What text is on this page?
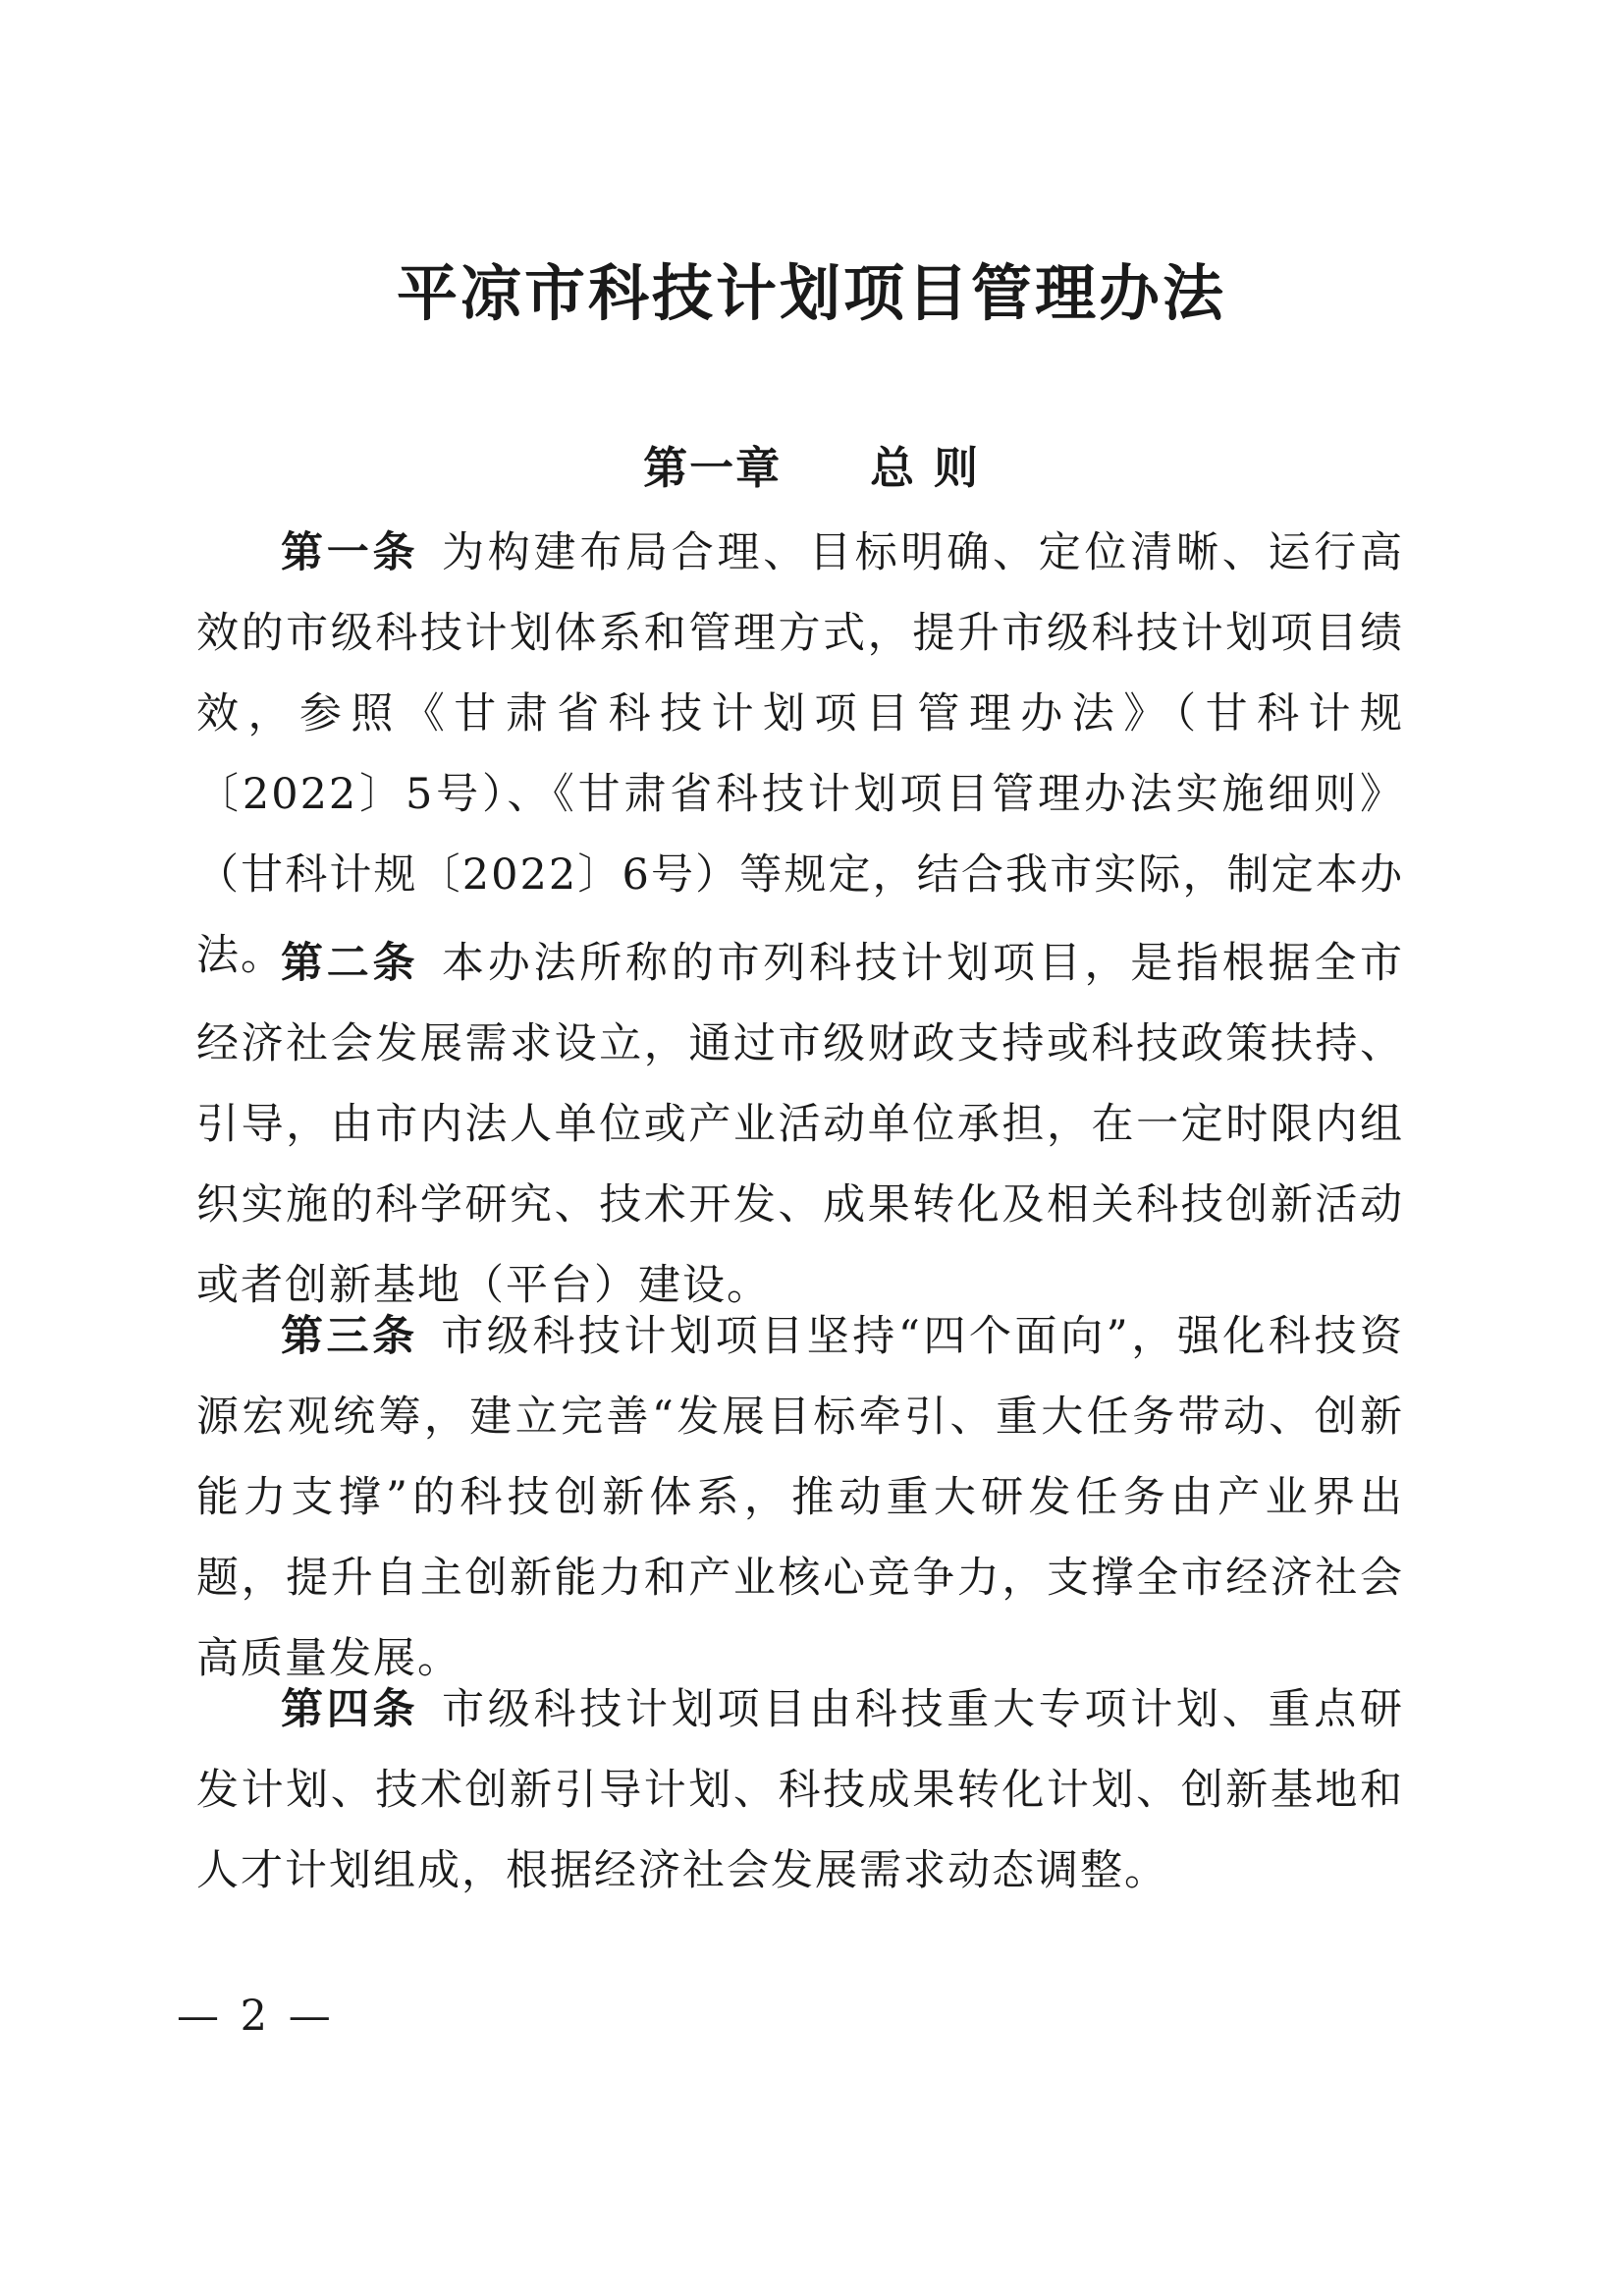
平凉市科技计划项目管理办法
第一章 总 则

第一条 为构建布局合理、目标明确、定位清晰、运行高效的市级科技计划体系和管理方式，提升市级科技计划项目绩效，参照《甘肃省科技计划项目管理办法》（甘科计规〔2022〕5号）、《甘肃省科技计划项目管理办法实施细则》（甘科计规〔2022〕6号）等规定，结合我市实际，制定本办法。

第二条 本办法所称的市列科技计划项目，是指根据全市经济社会发展需求设立，通过市级财政支持或科技政策扶持、引导，由市内法人单位或产业活动单位承担，在一定时限内组织实施的科学研究、技术开发、成果转化及相关科技创新活动或者创新基地（平台）建设。

第三条 市级科技计划项目坚持“四个面向”，强化科技资源宏观统筹，建立完善“发展目标牵引、重大任务带动、创新能力支撑”的科技创新体系，推动重大研发任务由产业界出题，提升自主创新能力和产业核心竞争力，支撑全市经济社会高质量发展。

第四条 市级科技计划项目由科技重大专项计划、重点研发计划、技术创新引导计划、科技成果转化计划、创新基地和人才计划组成，根据经济社会发展需求动态调整。

— 2 —
